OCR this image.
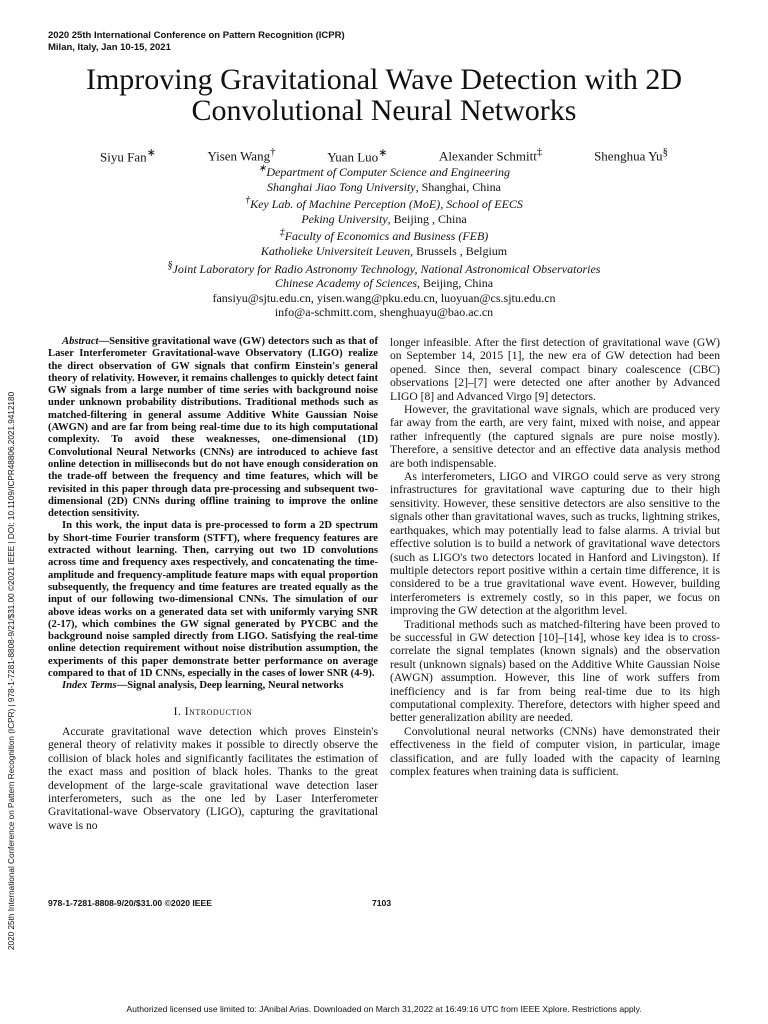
2020 25th International Conference on Pattern Recognition (ICPR)
Milan, Italy, Jan 10-15, 2021
Improving Gravitational Wave Detection with 2D Convolutional Neural Networks
Siyu Fan∗	Yisen Wang†	Yuan Luo∗	Alexander Schmitt‡	Shenghua Yu§
∗Department of Computer Science and Engineering
Shanghai Jiao Tong University, Shanghai, China
†Key Lab. of Machine Perception (MoE), School of EECS
Peking University, Beijing , China
‡Faculty of Economics and Business (FEB)
Katholieke Universiteit Leuven, Brussels , Belgium
§Joint Laboratory for Radio Astronomy Technology, National Astronomical Observatories
Chinese Academy of Sciences, Beijing, China
fansiyu@sjtu.edu.cn, yisen.wang@pku.edu.cn, luoyuan@cs.sjtu.edu.cn
info@a-schmitt.com, shenghuayu@bao.ac.cn

Abstract—Sensitive gravitational wave (GW) detectors such as that of Laser Interferometer Gravitational-wave Observatory (LIGO) realize the direct observation of GW signals that confirm Einstein's general theory of relativity. However, it remains challenges to quickly detect faint GW signals from a large number of time series with background noise under unknown probability distributions. Traditional methods such as matched-filtering in general assume Additive White Gaussian Noise (AWGN) and are far from being real-time due to its high computational complexity. To avoid these weaknesses, one-dimensional (1D) Convolutional Neural Networks (CNNs) are introduced to achieve fast online detection in milliseconds but do not have enough consideration on the trade-off between the frequency and time features, which will be revisited in this paper through data pre-processing and subsequent two-dimensional (2D) CNNs during offline training to improve the online detection sensitivity.

In this work, the input data is pre-processed to form a 2D spectrum by Short-time Fourier transform (STFT), where frequency features are extracted without learning. Then, carrying out two 1D convolutions across time and frequency axes respectively, and concatenating the time-amplitude and frequency-amplitude feature maps with equal proportion subsequently, the frequency and time features are treated equally as the input of our following two-dimensional CNNs. The simulation of our above ideas works on a generated data set with uniformly varying SNR (2-17), which combines the GW signal generated by PYCBC and the background noise sampled directly from LIGO. Satisfying the real-time online detection requirement without noise distribution assumption, the experiments of this paper demonstrate better performance on average compared to that of 1D CNNs, especially in the cases of lower SNR (4-9).

Index Terms—Signal analysis, Deep learning, Neural networks

I. Introduction

Accurate gravitational wave detection which proves Einstein's general theory of relativity makes it possible to directly observe the collision of black holes and significantly facilitates the estimation of the exact mass and position of black holes. Thanks to the great development of the large-scale gravitational wave detection laser interferometers, such as the one led by Laser Interferometer Gravitational-wave Observatory (LIGO), capturing the gravitational wave is no

longer infeasible. After the first detection of gravitational wave (GW) on September 14, 2015 [1], the new era of GW detection had been opened. Since then, several compact binary coalescence (CBC) observations [2]–[7] were detected one after another by Advanced LIGO [8] and Advanced Virgo [9] detectors.

However, the gravitational wave signals, which are produced very far away from the earth, are very faint, mixed with noise, and appear rather infrequently (the captured signals are pure noise mostly). Therefore, a sensitive detector and an effective data analysis method are both indispensable.

As interferometers, LIGO and VIRGO could serve as very strong infrastructures for gravitational wave capturing due to their high sensitivity. However, these sensitive detectors are also sensitive to the signals other than gravitational waves, such as trucks, lightning strikes, earthquakes, which may potentially lead to false alarms. A trivial but effective solution is to build a network of gravitational wave detectors (such as LIGO's two detectors located in Hanford and Livingston). If multiple detectors report positive within a certain time difference, it is considered to be a true gravitational wave event. However, building interferometers is extremely costly, so in this paper, we focus on improving the GW detection at the algorithm level.

Traditional methods such as matched-filtering have been proved to be successful in GW detection [10]–[14], whose key idea is to cross-correlate the signal templates (known signals) and the observation result (unknown signals) based on the Additive White Gaussian Noise (AWGN) assumption. However, this line of work suffers from inefficiency and is far from being real-time due to its high computational complexity. Therefore, detectors with higher speed and better generalization ability are needed.

Convolutional neural networks (CNNs) have demonstrated their effectiveness in the field of computer vision, in particular, image classification, and are fully loaded with the capacity of learning complex features when training data is sufficient.

978-1-7281-8808-9/20/$31.00 ©2020 IEEE	7103
2020 25th International Conference on Pattern Recognition (ICPR) | 978-1-7281-8808-9/21/$31.00 ©2021 IEEE | DOI: 10.1109/ICPR48806.2021.9412180
Authorized licensed use limited to: JAnibal Arias. Downloaded on March 31,2022 at 16:49:16 UTC from IEEE Xplore. Restrictions apply.
